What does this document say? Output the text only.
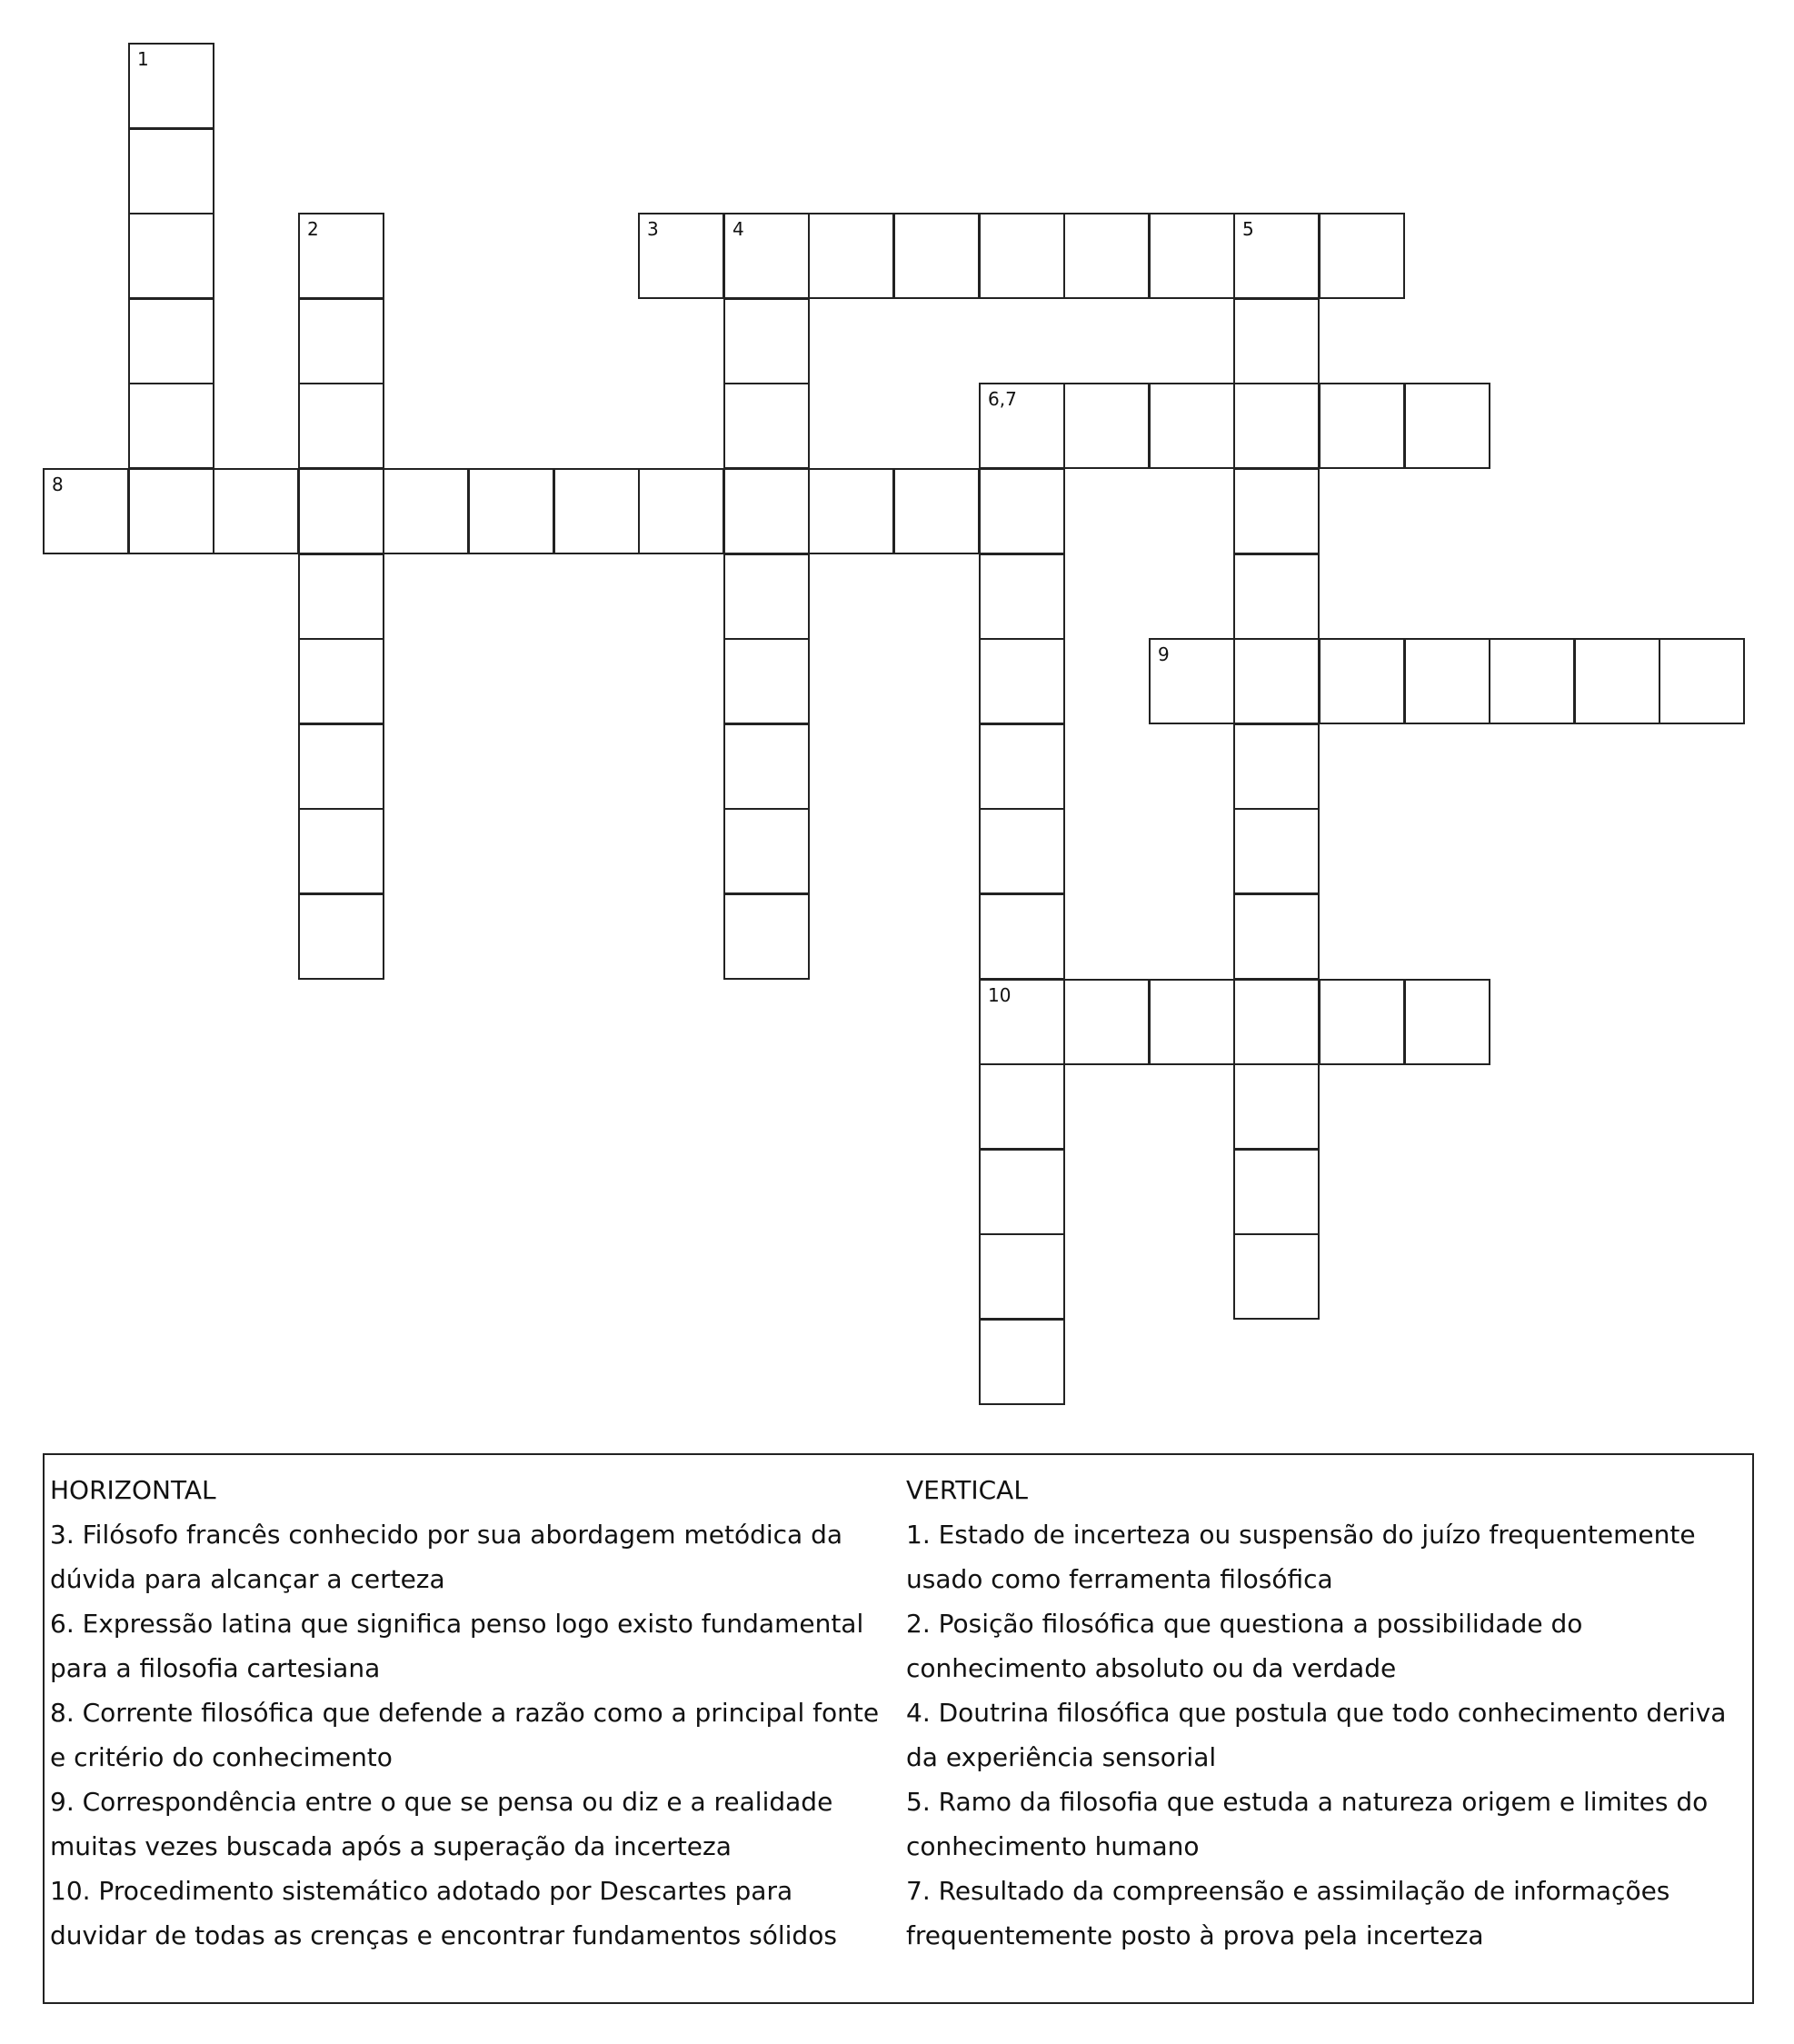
1
2	3	4	5
6,7
8
9
10

HORIZONTAL

3. Filósofo francês conhecido por sua abordagem metódica da dúvida para alcançar a certeza

6. Expressão latina que significa penso logo existo fundamental para a filosofia cartesiana

8. Corrente filosófica que defende a razão como a principal fonte e critério do conhecimento

9. Correspondência entre o que se pensa ou diz e a realidade muitas vezes buscada após a superação da incerteza

10. Procedimento sistemático adotado por Descartes para duvidar de todas as crenças e encontrar fundamentos sólidos

VERTICAL

1. Estado de incerteza ou suspensão do juízo frequentemente usado como ferramenta filosófica

2. Posição filosófica que questiona a possibilidade do conhecimento absoluto ou da verdade

4. Doutrina filosófica que postula que todo conhecimento deriva da experiência sensorial

5. Ramo da filosofia que estuda a natureza origem e limites do conhecimento humano

7. Resultado da compreensão e assimilação de informações frequentemente posto à prova pela incerteza
